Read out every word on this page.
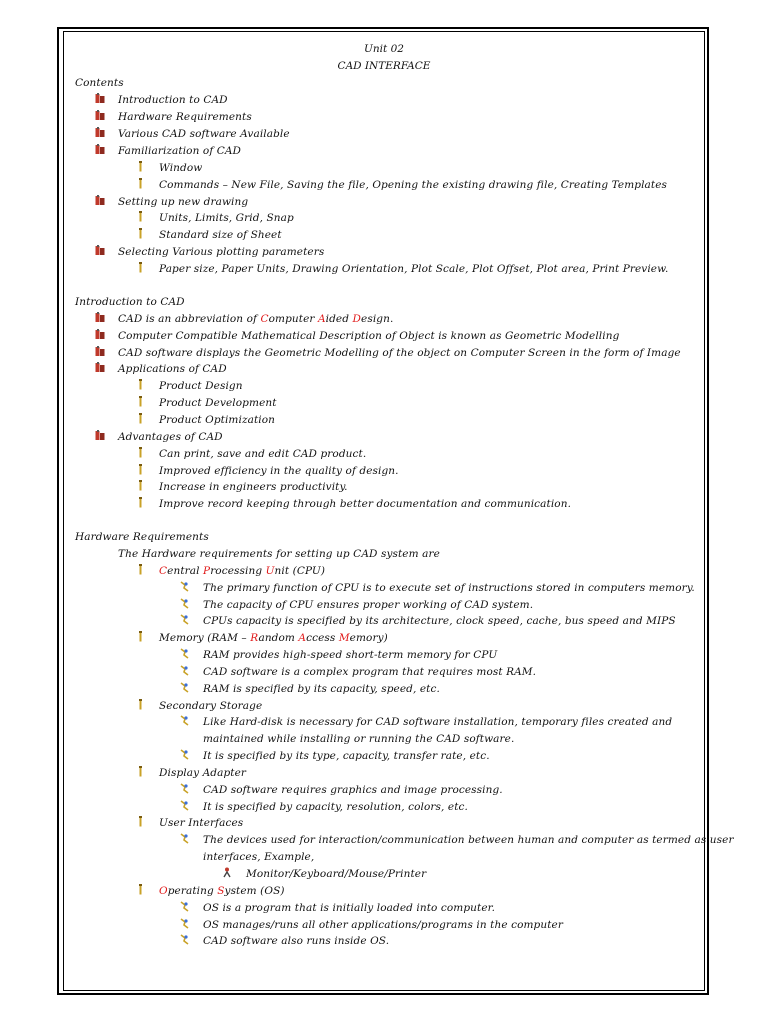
Unit 02
CAD INTERFACE
Contents
Introduction to CAD
Hardware Requirements
Various CAD software Available
Familiarization of CAD
Window
Commands – New File, Saving the file, Opening the existing drawing file, Creating Templates
Setting up new drawing
Units, Limits, Grid, Snap
Standard size of Sheet
Selecting Various plotting parameters
Paper size, Paper Units, Drawing Orientation, Plot Scale, Plot Offset, Plot area, Print Preview.
Introduction to CAD
CAD is an abbreviation of Computer Aided Design.
Computer Compatible Mathematical Description of Object is known as Geometric Modelling
CAD software displays the Geometric Modelling of the object on Computer Screen in the form of Image
Applications of CAD
Product Design
Product Development
Product Optimization
Advantages of CAD
Can print, save and edit CAD product.
Improved efficiency in the quality of design.
Increase in engineers productivity.
Improve record keeping through better documentation and communication.
Hardware Requirements
The Hardware requirements for setting up CAD system are
Central Processing Unit (CPU)
The primary function of CPU is to execute set of instructions stored in computers memory.
The capacity of CPU ensures proper working of CAD system.
CPUs capacity is specified by its architecture, clock speed, cache, bus speed and MIPS
Memory (RAM – Random Access Memory)
RAM provides high-speed short-term memory for CPU
CAD software is a complex program that requires most RAM.
RAM is specified by its capacity, speed, etc.
Secondary Storage
Like Hard-disk is necessary for CAD software installation, temporary files created and
maintained while installing or running the CAD software.
It is specified by its type, capacity, transfer rate, etc.
Display Adapter
CAD software requires graphics and image processing.
It is specified by capacity, resolution, colors, etc.
User Interfaces
The devices used for interaction/communication between human and computer as termed as user
interfaces, Example,
Monitor/Keyboard/Mouse/Printer
Operating System (OS)
OS is a program that is initially loaded into computer.
OS manages/runs all other applications/programs in the computer
CAD software also runs inside OS.
